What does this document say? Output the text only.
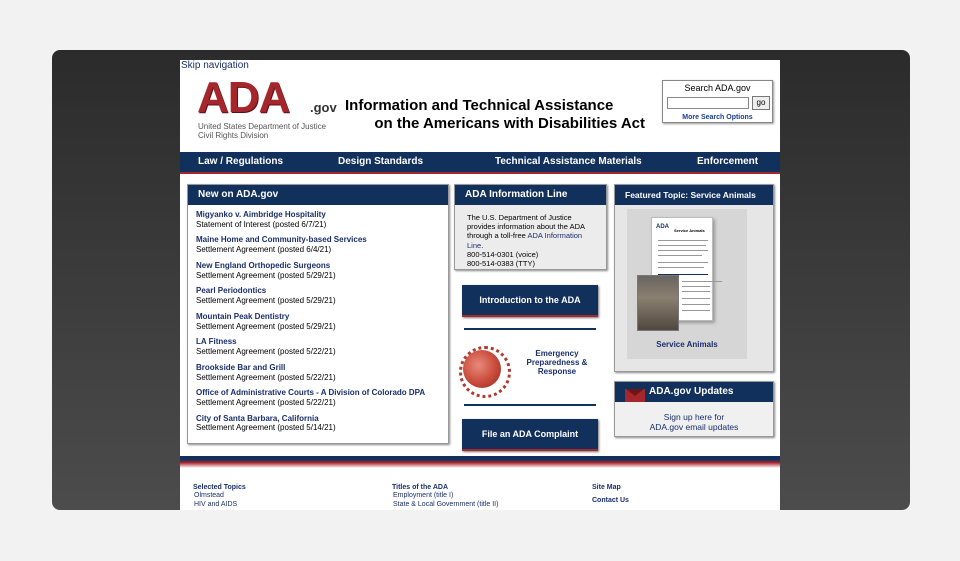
Skip navigation
ADA .gov
United States Department of Justice
Civil Rights Division
Information and Technical Assistance
on the Americans with Disabilities Act
Search ADA.gov
go
More Search Options
Law / Regulations	Design Standards	Technical Assistance Materials	Enforcement
New on ADA.gov
Migyanko v. Aimbridge Hospitality
Statement of Interest (posted 6/7/21)
Maine Home and Community-based Services
Settlement Agreement (posted 6/4/21)
New England Orthopedic Surgeons
Settlement Agreement (posted 5/29/21)
Pearl Periodontics
Settlement Agreement (posted 5/29/21)
Mountain Peak Dentistry
Settlement Agreement (posted 5/29/21)
LA Fitness
Settlement Agreement (posted 5/22/21)
Brookside Bar and Grill
Settlement Agreement (posted 5/22/21)
Office of Administrative Courts - A Division of Colorado DPA
Settlement Agreement (posted 5/22/21)
City of Santa Barbara, California
Settlement Agreement (posted 5/14/21)
ADA Information Line
The U.S. Department of Justice provides information about the ADA through a toll-free ADA Information Line.
800-514-0301 (voice)
800-514-0383 (TTY)
Introduction to the ADA
Emergency
Preparedness &
Response
File an ADA Complaint
Featured Topic: Service Animals
ADA
Service Animals
Service Animals
ADA.gov Updates
Sign up here for
ADA.gov email updates
Selected Topics
Olmstead
HIV and AIDS
Titles of the ADA
Employment (title I)
State & Local Government (title II)
Site Map
Contact Us
